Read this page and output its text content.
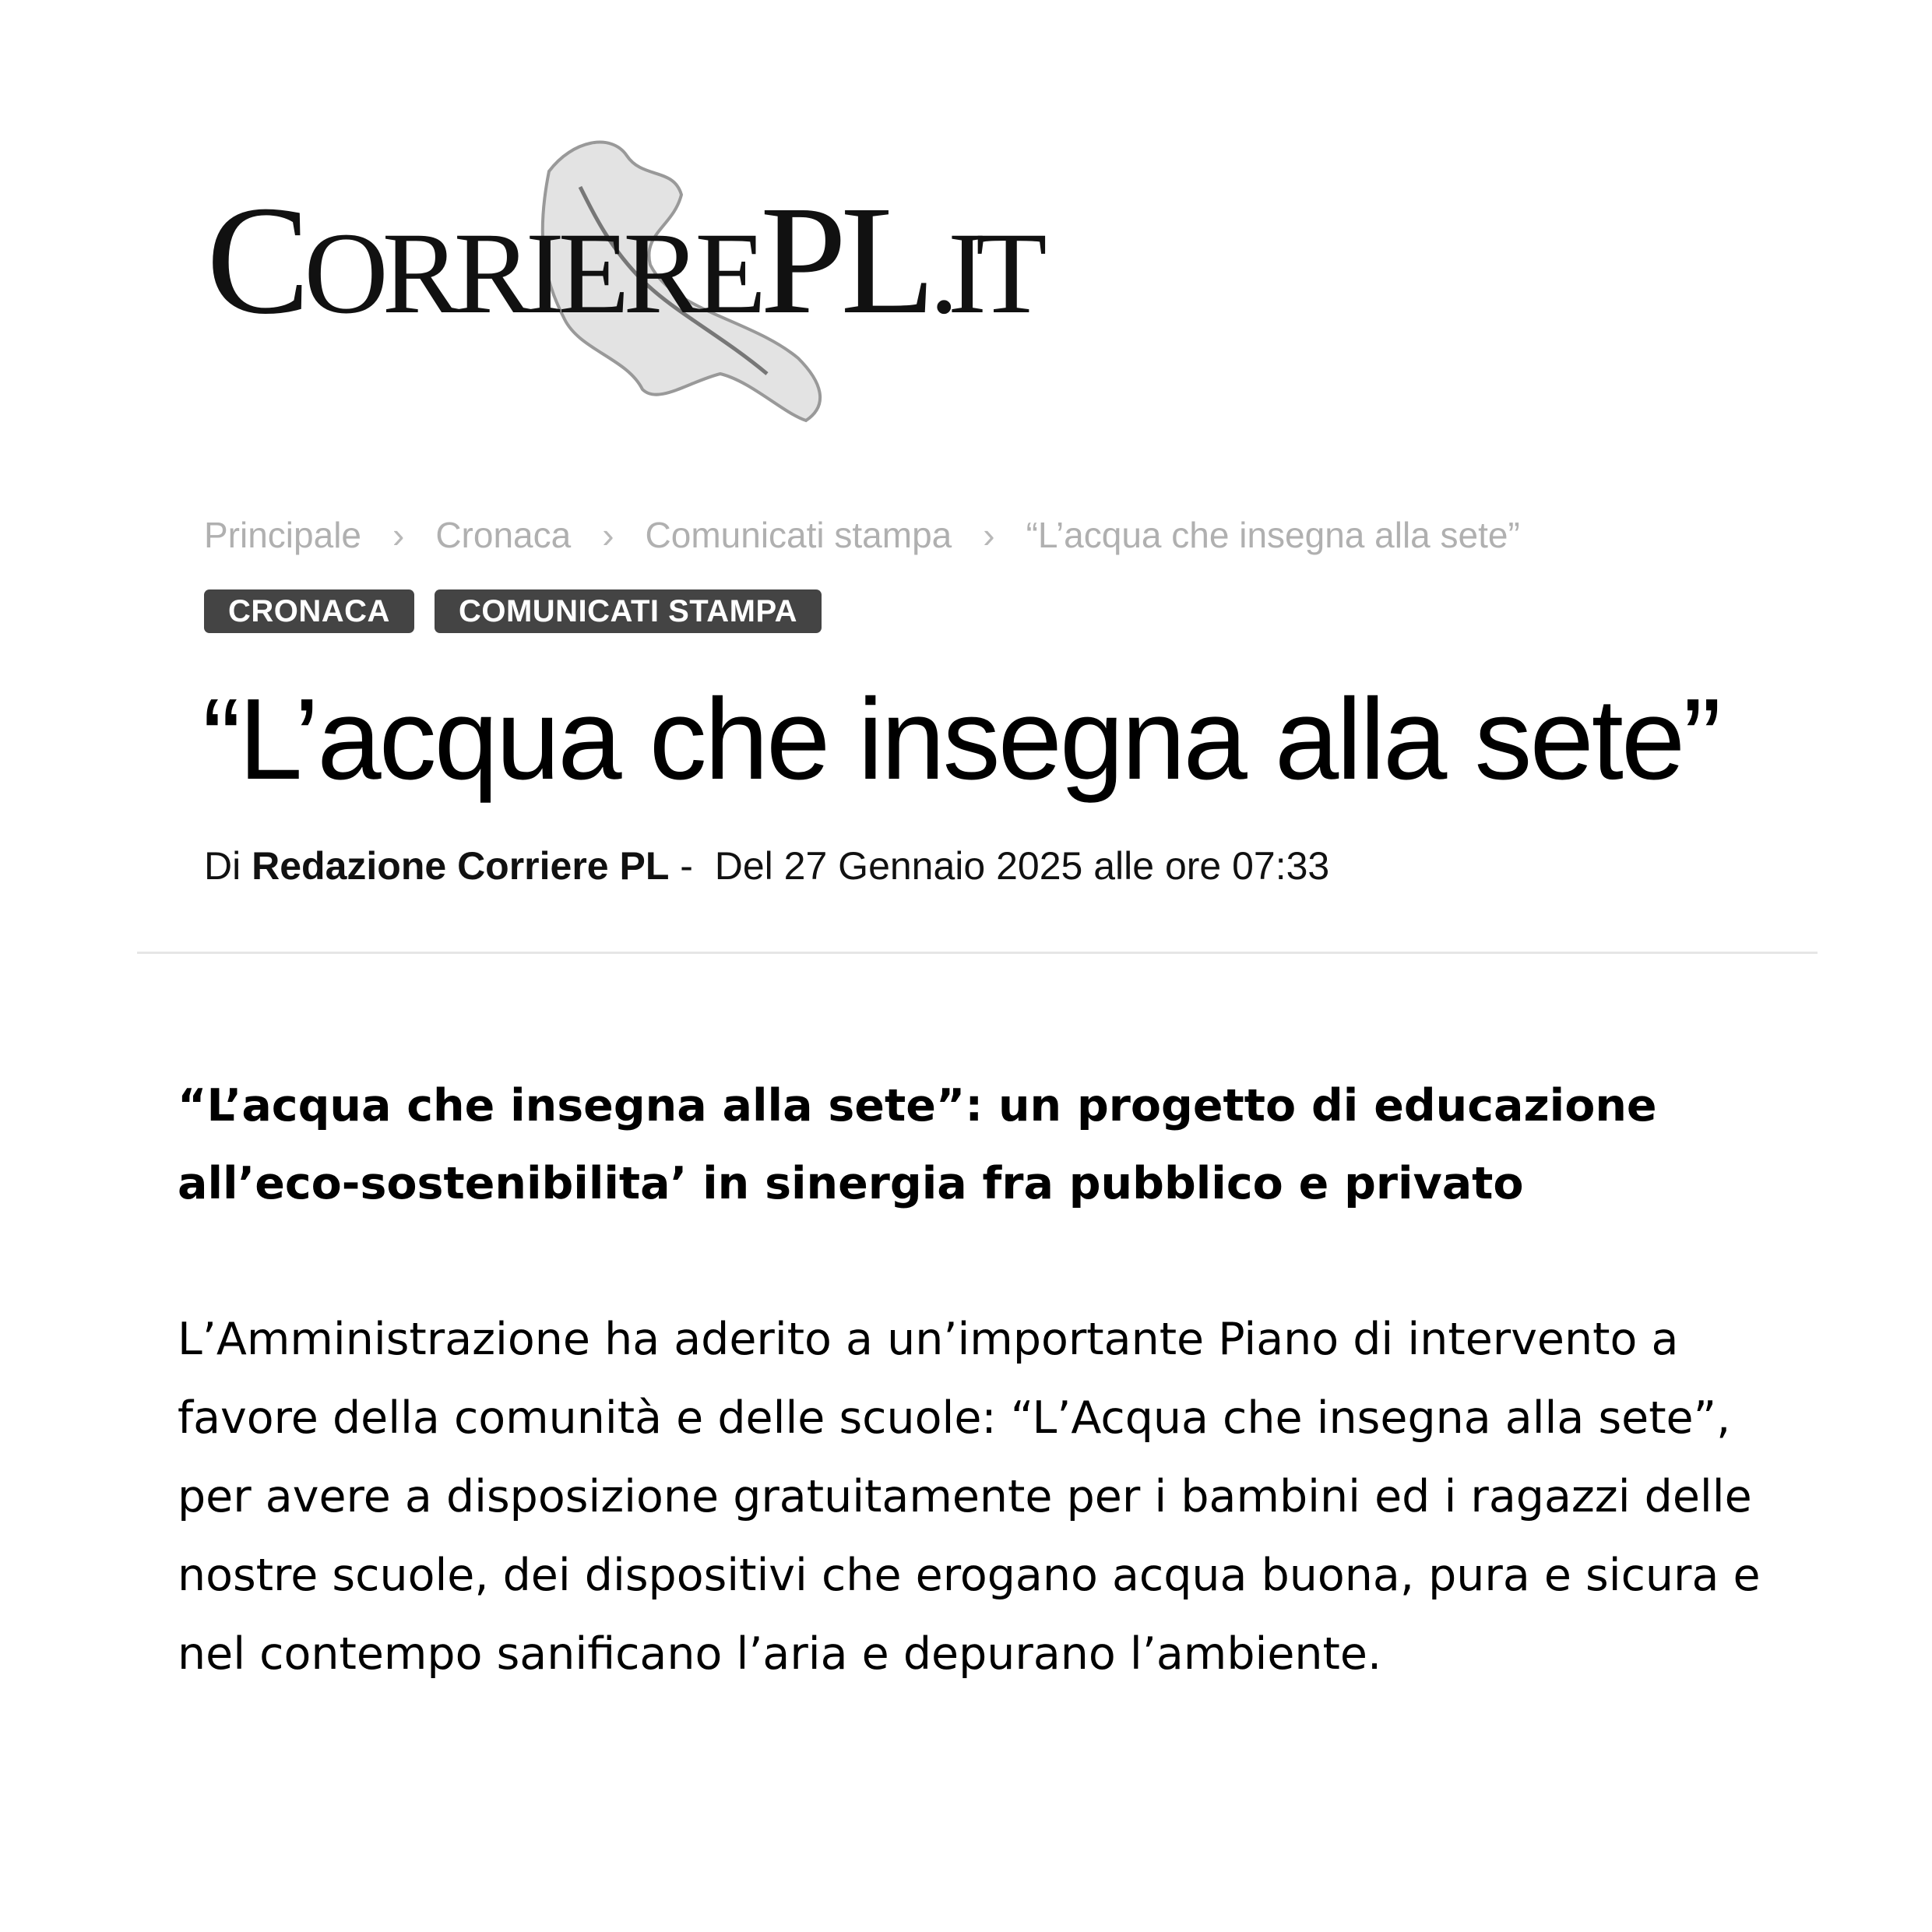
CORRIEREPL.IT
Principale › Cronaca › Comunicati stampa › “L’acqua che insegna alla sete”
CRONACA	COMUNICATI STAMPA
“L’acqua che insegna alla sete”
Di Redazione Corriere PL - Del 27 Gennaio 2025 alle ore 07:33

“L’acqua che insegna alla sete”: un progetto di educazione all’eco-sostenibilita’ in sinergia fra pubblico e privato

L’Amministrazione ha aderito a un’importante Piano di intervento a favore della comunità e delle scuole: “L’Acqua che insegna alla sete”, per avere a disposizione gratuitamente per i bambini ed i ragazzi delle nostre scuole, dei dispositivi che erogano acqua buona, pura e sicura e nel contempo sanificano l’aria e depurano l’ambiente.
